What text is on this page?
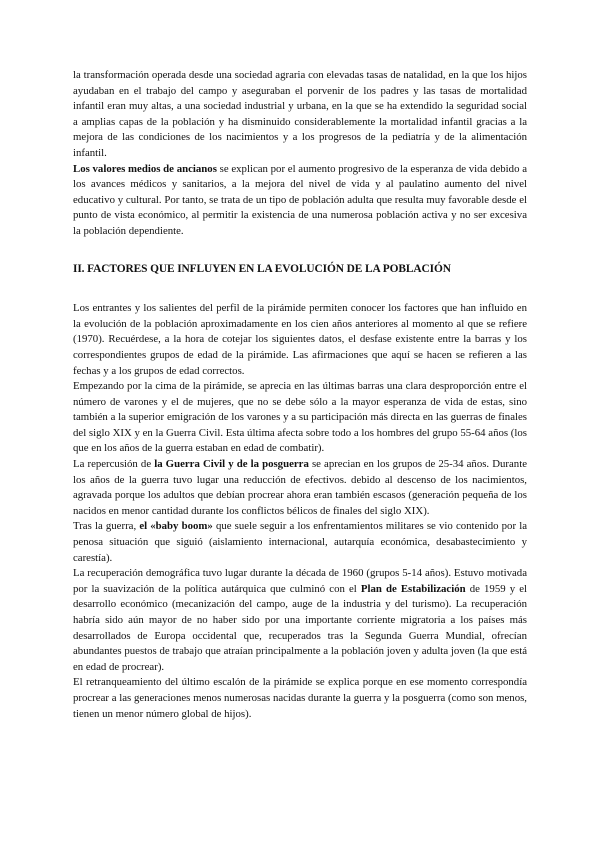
la transformación operada desde una sociedad agraria con elevadas tasas de natalidad, en la que los hijos ayudaban en el trabajo del campo y aseguraban el porvenir de los padres y las tasas de mortalidad infantil eran muy altas, a una sociedad industrial y urbana, en la que se ha extendido la seguridad social a amplias capas de la población y ha disminuido considerablemente la mortalidad infantil gracias a la mejora de las condiciones de los nacimientos y a los progresos de la pediatría y de la alimentación infantil.

Los valores medios de ancianos se explican por el aumento progresivo de la esperanza de vida debido a los avances médicos y sanitarios, a la mejora del nivel de vida y al paulatino aumento del nivel educativo y cultural. Por tanto, se trata de un tipo de población adulta que resulta muy favorable desde el punto de vista económico, al permitir la existencia de una numerosa población activa y no ser excesiva la población dependiente.

II. FACTORES QUE INFLUYEN EN LA EVOLUCIÓN DE LA POBLACIÓN

Los entrantes y los salientes del perfil de la pirámide permiten conocer los factores que han influido en la evolución de la población aproximadamente en los cien años anteriores al momento al que se refiere (1970). Recuérdese, a la hora de cotejar los siguientes datos, el desfase existente entre la barras y los correspondientes grupos de edad de la pirámide. Las afirmaciones que aquí se hacen se refieren a las fechas y a los grupos de edad correctos.

Empezando por la cima de la pirámide, se aprecia en las últimas barras una clara desproporción entre el número de varones y el de mujeres, que no se debe sólo a la mayor esperanza de vida de estas, sino también a la superior emigración de los varones y a su participación más directa en las guerras de finales del siglo XIX y en la Guerra Civil. Esta última afecta sobre todo a los hombres del grupo 55-64 años (los que en los años de la guerra estaban en edad de combatir).

La repercusión de la Guerra Civil y de la posguerra se aprecian en los grupos de 25-34 años. Durante los años de la guerra tuvo lugar una reducción de efectivos. debido al descenso de los nacimientos, agravada porque los adultos que debían procrear ahora eran también escasos (generación pequeña de los nacidos en menor cantidad durante los conflictos bélicos de finales del siglo XIX).

Tras la guerra, el «baby boom» que suele seguir a los enfrentamientos militares se vio contenido por la penosa situación que siguió (aislamiento internacional, autarquía económica, desabastecimiento y carestía).

La recuperación demográfica tuvo lugar durante la década de 1960 (grupos 5-14 años). Estuvo motivada por la suavización de la política autárquica que culminó con el Plan de Estabilización de 1959 y el desarrollo económico (mecanización del campo, auge de la industria y del turismo). La recuperación habría sido aún mayor de no haber sido por una importante corriente migratoria a los países más desarrollados de Europa occidental que, recuperados tras la Segunda Guerra Mundial, ofrecían abundantes puestos de trabajo que atraían principalmente a la población joven y adulta joven (la que está en edad de procrear).

El retranqueamiento del último escalón de la pirámide se explica porque en ese momento correspondía procrear a las generaciones menos numerosas nacidas durante la guerra y la posguerra (como son menos, tienen un menor número global de hijos).
